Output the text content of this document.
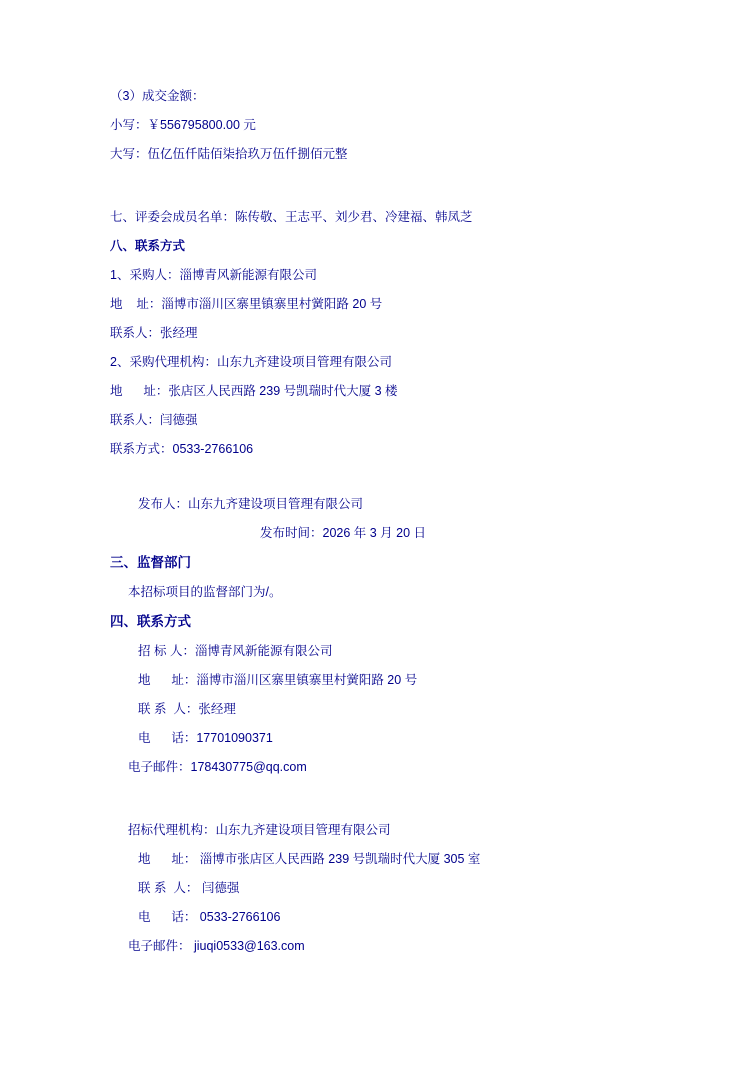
（3）成交金额：
小写：￥556795800.00 元
大写：伍亿伍仟陆佰柒拾玖万伍仟捌佰元整
七、评委会成员名单：陈传敬、王志平、刘少君、冷建福、韩凤芝
八、联系方式
1、采购人：淄博青风新能源有限公司
地    址：淄博市淄川区寨里镇寨里村黉阳路 20 号
联系人：张经理
2、采购代理机构：山东九齐建设项目管理有限公司
地      址：张店区人民西路 239 号凯瑞时代大厦 3 楼
联系人：闫德强
联系方式：0533-2766106
发布人：山东九齐建设项目管理有限公司
发布时间：2026 年 3 月 20 日
三、监督部门
本招标项目的监督部门为/。
四、联系方式
招 标 人：淄博青风新能源有限公司
地      址：淄博市淄川区寨里镇寨里村黉阳路 20 号
联 系  人：张经理
电      话：17701090371
电子邮件：178430775@qq.com
招标代理机构：山东九齐建设项目管理有限公司
地      址： 淄博市张店区人民西路 239 号凯瑞时代大厦 305 室
联 系  人： 闫德强
电      话： 0533-2766106
电子邮件： jiuqi0533@163.com
